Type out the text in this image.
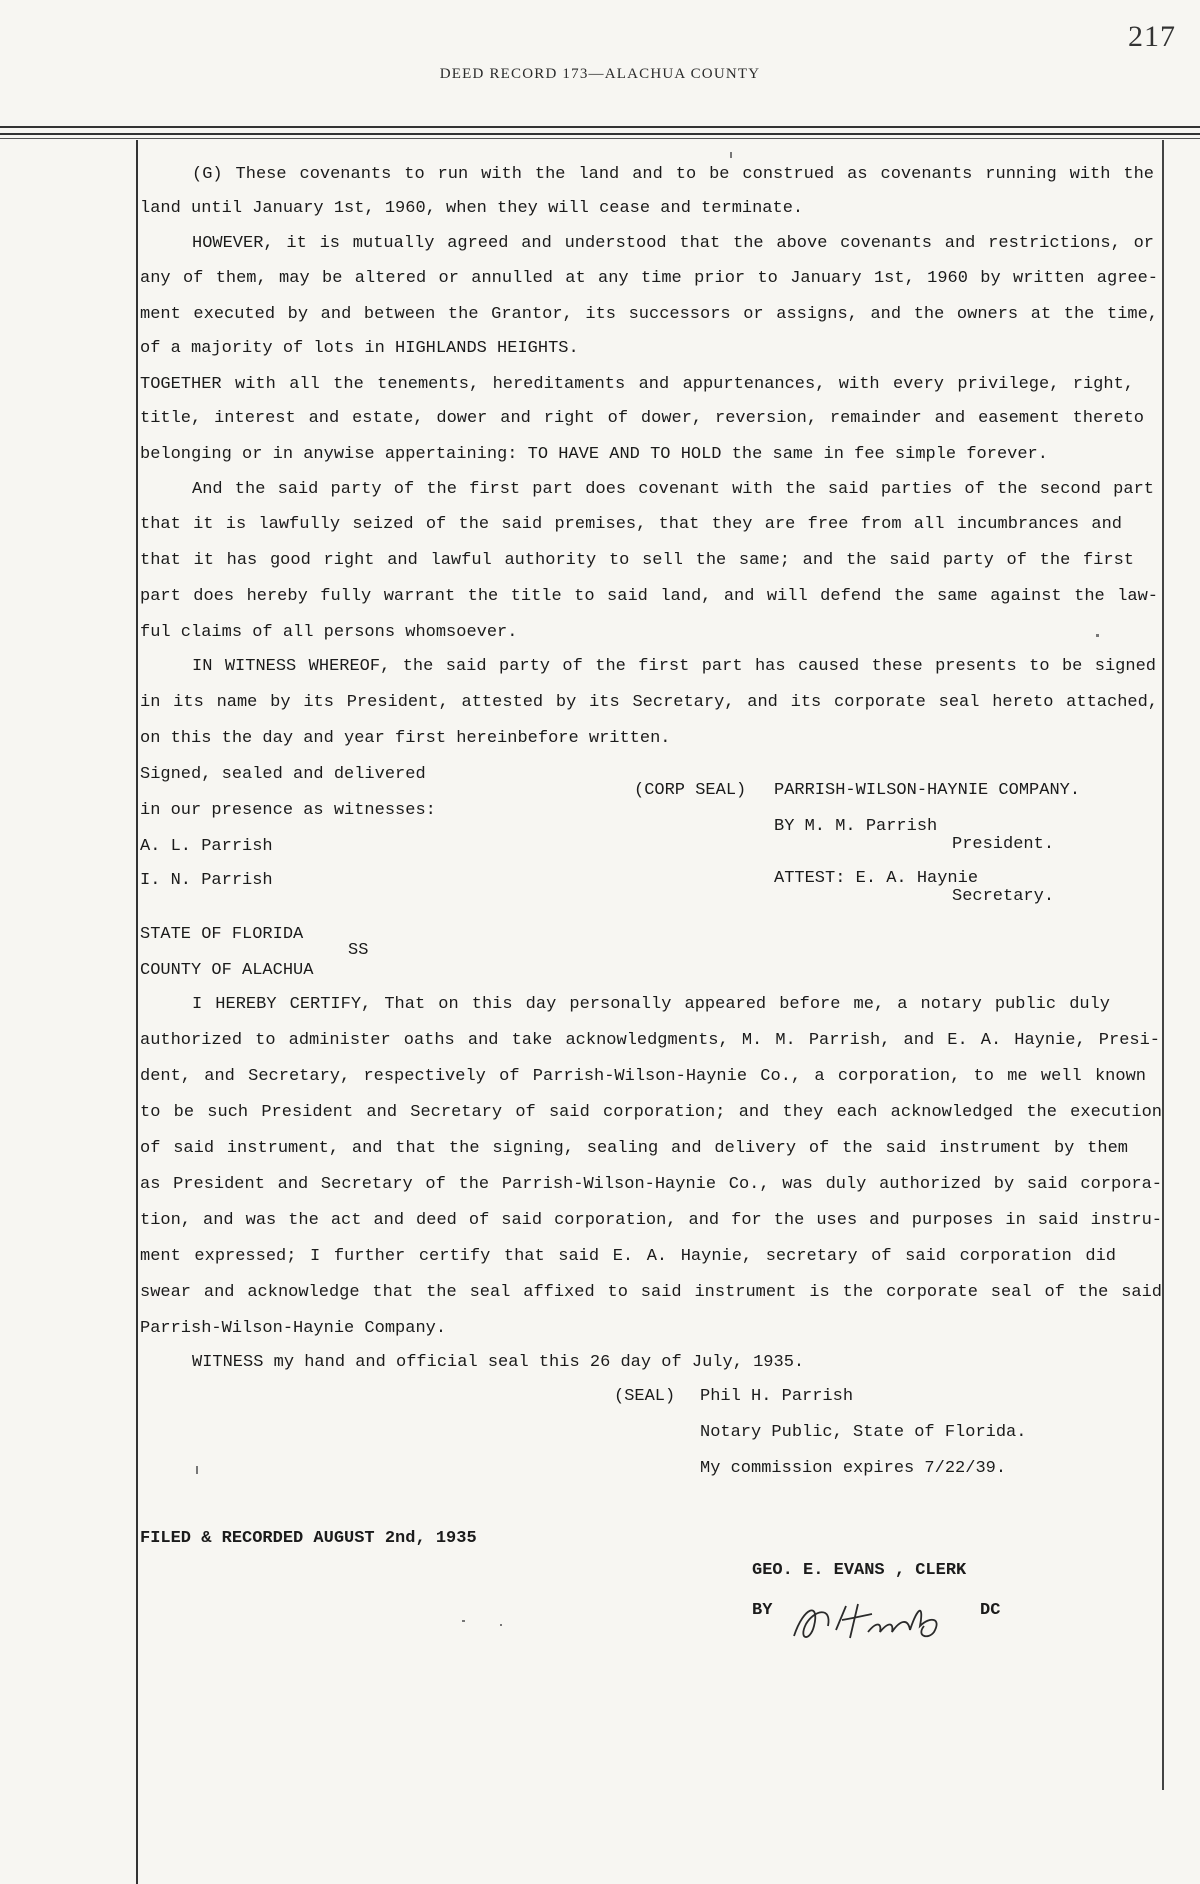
217
DEED RECORD 173—ALACHUA COUNTY
(G) These covenants to run with the land and to be construed as covenants running with the
land until January 1st, 1960, when they will cease and terminate.
HOWEVER, it is mutually agreed and understood that the above covenants and restrictions, or
any of them, may be altered or annulled at any time prior to January 1st, 1960 by written agree-
ment executed by and between the Grantor, its successors or assigns, and the owners at the time,
of a majority of lots in HIGHLANDS HEIGHTS.
TOGETHER with all the tenements, hereditaments and appurtenances, with every privilege, right,
title, interest and estate, dower and right of dower, reversion, remainder and easement thereto
belonging or in anywise appertaining: TO HAVE AND TO HOLD the same in fee simple forever.
And the said party of the first part does covenant with the said parties of the second part
that it is lawfully seized of the said premises, that they are free from all incumbrances and
that it has good right and lawful authority to sell the same; and the said party of the first
part does hereby fully warrant the title to said land, and will defend the same against the law-
ful claims of all persons whomsoever.
IN WITNESS WHEREOF, the said party of the first part has caused these presents to be signed
in its name by its President, attested by its Secretary, and its corporate seal hereto attached,
on this the day and year first hereinbefore written.
Signed, sealed and delivered
in our presence as witnesses:
A. L. Parrish
I. N. Parrish
(CORP SEAL) PARRISH-WILSON-HAYNIE COMPANY.
BY M. M. Parrish
President.
ATTEST: E. A. Haynie
Secretary.
STATE OF FLORIDA
COUNTY OF ALACHUA
SS
I HEREBY CERTIFY, That on this day personally appeared before me, a notary public duly
authorized to administer oaths and take acknowledgments, M. M. Parrish, and E. A. Haynie, Presi-
dent, and Secretary, respectively of Parrish-Wilson-Haynie Co., a corporation, to me well known
to be such President and Secretary of said corporation; and they each acknowledged the execution
of said instrument, and that the signing, sealing and delivery of the said instrument by them
as President and Secretary of the Parrish-Wilson-Haynie Co., was duly authorized by said corpora-
tion, and was the act and deed of said corporation, and for the uses and purposes in said instru-
ment expressed; I further certify that said E. A. Haynie, secretary of said corporation did
swear and acknowledge that the seal affixed to said instrument is the corporate seal of the said
Parrish-Wilson-Haynie Company.
WITNESS my hand and official seal this 26 day of July, 1935.
(SEAL) Phil H. Parrish
Notary Public, State of Florida.
My commission expires 7/22/39.
FILED & RECORDED AUGUST 2nd, 1935
GEO. E. EVANS , CLERK
BY	DC
